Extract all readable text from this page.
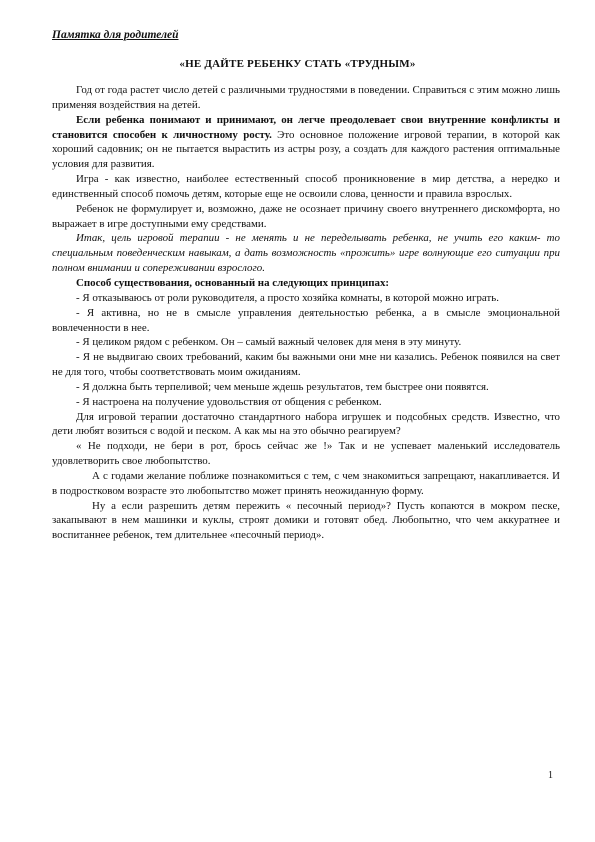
Памятка для родителей
«НЕ ДАЙТЕ РЕБЕНКУ СТАТЬ «ТРУДНЫМ»

Год от года растет число детей с различными трудностями в поведении. Справиться с этим можно лишь применяя воздействия на детей.

Если ребенка понимают и принимают, он легче преодолевает свои внутренние конфликты и становится способен к личностному росту. Это основное положение игровой терапии, в которой как хороший садовник; он не пытается вырастить из астры розу, а создать для каждого растения оптимальные условия для развития.

Игра - как известно, наиболее естественный способ проникновение в мир детства, а нередко и единственный способ помочь детям, которые еще не освоили слова, ценности и правила взрослых.

Ребенок не формулирует и, возможно, даже не осознает причину своего внутреннего дискомфорта, но выражает в игре доступными ему средствами.

Итак, цель игровой терапии - не менять и не переделывать ребенка, не учить его каким- то специальным поведенческим навыкам, а дать возможность «прожить» игре волнующие его ситуации при полном внимании и сопереживании взрослого.

Способ существования, основанный на следующих принципах:

- Я отказываюсь от роли руководителя, а просто хозяйка комнаты, в которой можно играть.

- Я активна, но не в смысле управления деятельностью ребенка, а в смысле эмоциональной вовлеченности в нее.

- Я целиком рядом с ребенком. Он – самый важный человек для меня в эту минуту.

- Я не выдвигаю своих требований, каким бы важными они мне ни казались. Ребенок появился на свет не для того, чтобы соответствовать моим ожиданиям.

- Я должна быть терпеливой; чем меньше ждешь результатов, тем быстрее они появятся.

- Я настроена на получение удовольствия от общения с ребенком.

Для игровой терапии достаточно стандартного набора игрушек и подсобных средств. Известно, что дети любят возиться с водой и песком. А как мы на это обычно реагируем?

« Не подходи, не бери в рот, брось сейчас же !» Так и не успевает маленький исследователь удовлетворить свое любопытство.

А с годами желание поближе познакомиться с тем, с чем знакомиться запрещают, накапливается. И в подростковом возрасте это любопытство может принять неожиданную форму.

Ну а если разрешить детям пережить « песочный период»? Пусть копаются в мокром песке, закапывают в нем машинки и куклы, строят домики и готовят обед. Любопытно, что чем аккуратнее и воспитаннее ребенок, тем длительнее «песочный период».

1
